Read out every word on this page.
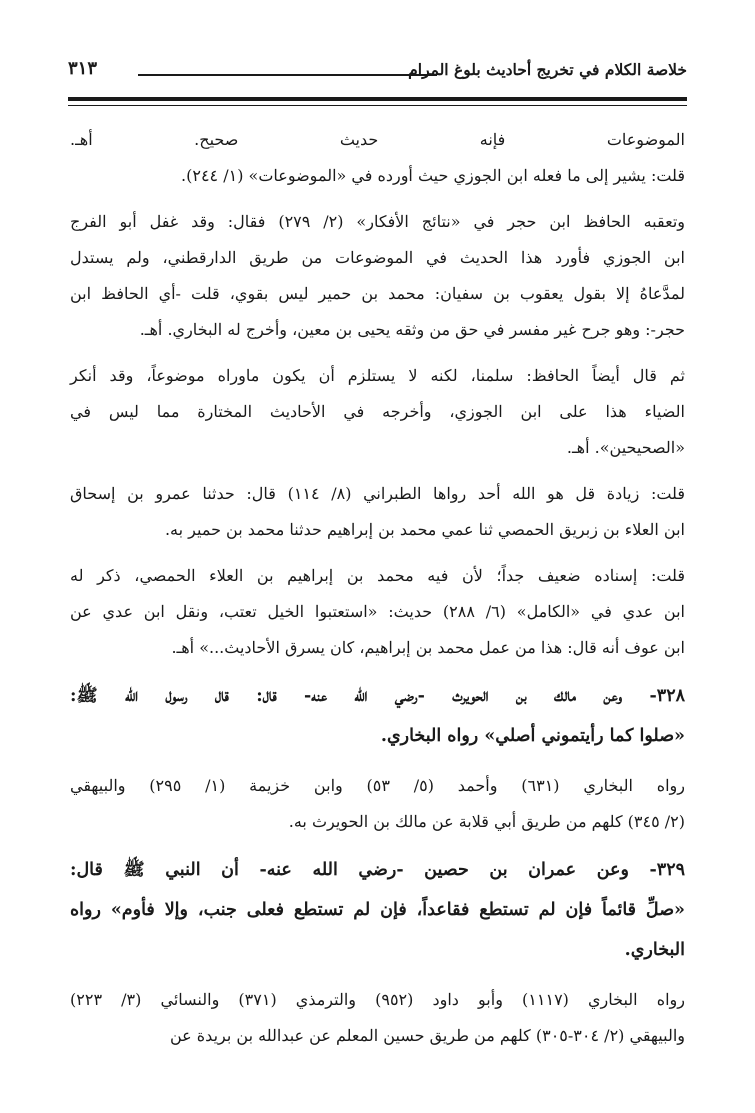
خلاصة الكلام في تخريج أحاديث بلوغ المرام
٣١٣
الموضوعات فإنه حديث صحيح. أهـ.
قلت: يشير إلى ما فعله ابن الجوزي حيث أورده في «الموضوعات» (١/ ٢٤٤).
وتعقبه الحافظ ابن حجر في «نتائج الأفكار» (٢/ ٢٧٩) فقال: وقد غفل أبو الفرج
ابن الجوزي فأورد هذا الحديث في الموضوعات من طريق الدارقطني، ولم يستدل
لمدَّعاهُ إلا بقول يعقوب بن سفيان: محمد بن حمير ليس بقوي، قلت -أي الحافظ ابن
حجر-: وهو جرح غير مفسر في حق من وثقه يحيى بن معين، وأخرج له البخاري. أهـ.
ثم قال أيضاً الحافظ: سلمنا، لكنه لا يستلزم أن يكون ماوراه موضوعاً، وقد أنكر
الضياء هذا على ابن الجوزي، وأخرجه في الأحاديث المختارة مما ليس في
«الصحيحين». أهـ.
قلت: زيادة قل هو الله أحد رواها الطبراني (٨/ ١١٤) قال: حدثنا عمرو بن إسحاق
ابن العلاء بن زبريق الحمصي ثنا عمي محمد بن إبراهيم حدثنا محمد بن حمير به.
قلت: إسناده ضعيف جداً؛ لأن فيه محمد بن إبراهيم بن العلاء الحمصي، ذكر له
ابن عدي في «الكامل» (٦/ ٢٨٨) حديث: «استعتبوا الخيل تعتب، ونقل ابن عدي عن
ابن عوف أنه قال: هذا من عمل محمد بن إبراهيم، كان يسرق الأحاديث...» أهـ.
٣٢٨- وعن مالك بن الحويرث -رضي الله عنه- قال: قال رسول الله ﷺ:
«صلوا كما رأيتموني أصلي» رواه البخاري.
رواه البخاري (٦٣١) وأحمد (٥/ ٥٣) وابن خزيمة (١/ ٢٩٥) والبيهقي
(٢/ ٣٤٥) كلهم من طريق أبي قلابة عن مالك بن الحويرث به.
٣٢٩- وعن عمران بن حصين -رضي الله عنه- أن النبي ﷺ قال:
«صلِّ قائماً فإن لم تستطع فقاعداً، فإن لم تستطع فعلى جنب، وإلا فأوم» رواه
البخاري.
رواه البخاري (١١١٧) وأبو داود (٩٥٢) والترمذي (٣٧١) والنسائي (٣/ ٢٢٣)
والبيهقي (٢/ ٣٠٤-٣٠٥) كلهم من طريق حسين المعلم عن عبدالله بن بريدة عن
